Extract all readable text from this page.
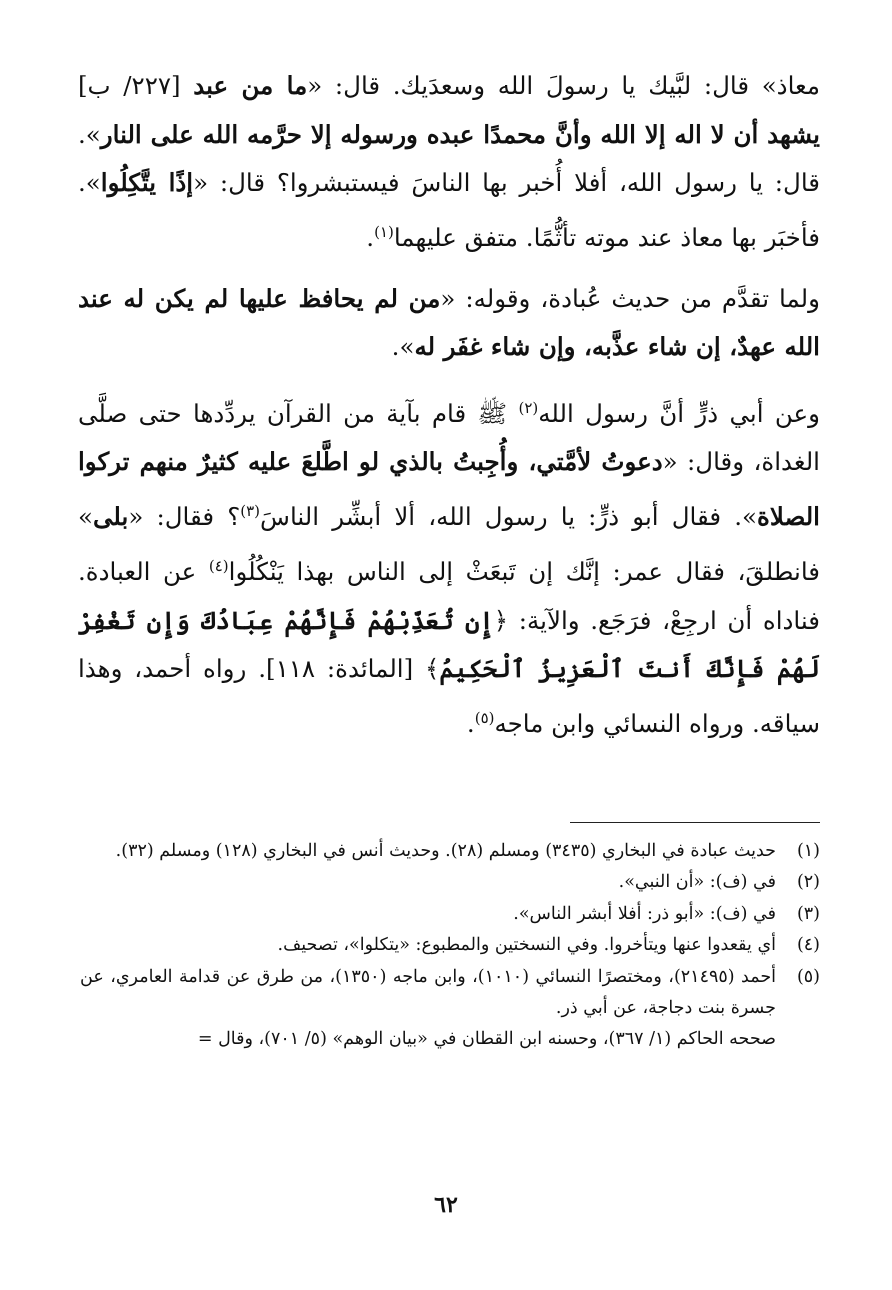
معاذ» قال: لبَّيك يا رسولَ الله وسعدَيك. قال: «ما من عبد [٢٢٧/ ب] يشهد أن لا اله إلا الله وأنَّ محمدًا عبده ورسوله إلا حرَّمه الله على النار». قال: يا رسول الله، أفلا أُخبر بها الناسَ فيستبشروا؟ قال: «إذًا يتَّكِلُوا». فأخبَر بها معاذ عند موته تأثُّمًا. متفق عليهما$^{(١)}$.

ولما تقدَّم من حديث عُبادة، وقوله: «من لم يحافظ عليها لم يكن له عند الله عهدٌ، إن شاء عذَّبه، وإن شاء غفَر له».

وعن أبي ذرٍّ أنَّ رسول الله$^{(٢)}$ ﷺ قام بآية من القرآن يردِّدها حتى صلَّى الغداة، وقال: «دعوتُ لأمَّتي، وأُجِبتُ بالذي لو اطَّلعَ عليه كثيرٌ منهم تركوا الصلاة». فقال أبو ذرٍّ: يا رسول الله، ألا أبشِّر الناسَ$^{(٣)}$؟ فقال: «بلى» فانطلقَ، فقال عمر: إنَّك إن تَبعَثْ إلى الناس بهذا يَنْكُلُوا$^{(٤)}$ عن العبادة. فناداه أن ارجِعْ، فرَجَع. والآية: ﴿إِن تُعَذِّبْهُمْ فَإِنَّهُمْ عِبَادُكَ وَإِن تَغْفِرْ لَهُمْ فَإِنَّكَ أَنتَ ٱلْعَزِيزُ ٱلْحَكِيمُ﴾ [المائدة: ١١٨]. رواه أحمد، وهذا سياقه. ورواه النسائي وابن ماجه$^{(٥)}$.

(١)
حديث عبادة في البخاري (٣٤٣٥) ومسلم (٢٨). وحديث أنس في البخاري (١٢٨) ومسلم (٣٢).

(٢)
في (ف): «أن النبي».

(٣)
في (ف): «أبو ذر: أفلا أبشر الناس».

(٤)
أي يقعدوا عنها ويتأخروا. وفي النسختين والمطبوع: «يتكلوا»، تصحيف.

(٥)
أحمد (٢١٤٩٥)، ومختصرًا النسائي (١٠١٠)، وابن ماجه (١٣٥٠)، من طرق عن قدامة العامري، عن جسرة بنت دجاجة، عن أبي ذر.

صححه الحاكم (١/ ٣٦٧)، وحسنه ابن القطان في «بيان الوهم» (٥/ ٧٠١)، وقال =

٦٢
